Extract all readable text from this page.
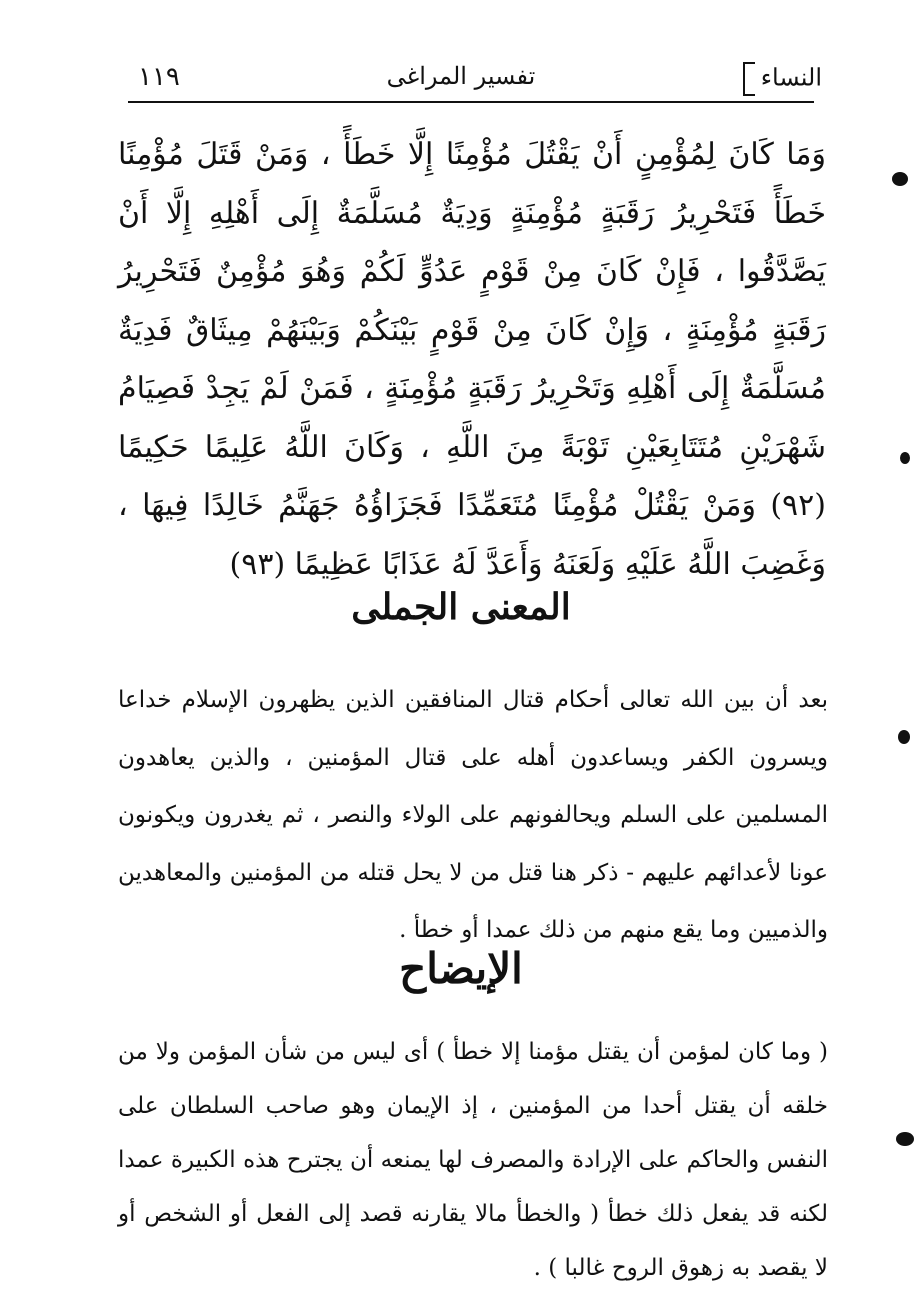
النساء
تفسير المراغى
١١٩
وَمَا كَانَ لِمُؤْمِنٍ أَنْ يَقْتُلَ مُؤْمِنًا إِلَّا خَطَأً ، وَمَنْ قَتَلَ مُؤْمِنًا خَطَأً فَتَحْرِيرُ رَقَبَةٍ مُؤْمِنَةٍ وَدِيَةٌ مُسَلَّمَةٌ إِلَى أَهْلِهِ إِلَّا أَنْ يَصَّدَّقُوا ، فَإِنْ كَانَ مِنْ قَوْمٍ عَدُوٍّ لَكُمْ وَهُوَ مُؤْمِنٌ فَتَحْرِيرُ رَقَبَةٍ مُؤْمِنَةٍ ، وَإِنْ كَانَ مِنْ قَوْمٍ بَيْنَكُمْ وَبَيْنَهُمْ مِيثَاقٌ فَدِيَةٌ مُسَلَّمَةٌ إِلَى أَهْلِهِ وَتَحْرِيرُ رَقَبَةٍ مُؤْمِنَةٍ ، فَمَنْ لَمْ يَجِدْ فَصِيَامُ شَهْرَيْنِ مُتَتَابِعَيْنِ تَوْبَةً مِنَ اللَّهِ ، وَكَانَ اللَّهُ عَلِيمًا حَكِيمًا (٩٢) وَمَنْ يَقْتُلْ مُؤْمِنًا مُتَعَمِّدًا فَجَزَاؤُهُ جَهَنَّمُ خَالِدًا فِيهَا ، وَغَضِبَ اللَّهُ عَلَيْهِ وَلَعَنَهُ وَأَعَدَّ لَهُ عَذَابًا عَظِيمًا (٩٣)
المعنى الجملى
بعد أن بين الله تعالى أحكام قتال المنافقين الذين يظهرون الإسلام خداعا ويسرون الكفر ويساعدون أهله على قتال المؤمنين ، والذين يعاهدون المسلمين على السلم ويحالفونهم على الولاء والنصر ، ثم يغدرون ويكونون عونا لأعدائهم عليهم - ذكر هنا قتل من لا يحل قتله من المؤمنين والمعاهدين والذميين وما يقع منهم من ذلك عمدا أو خطأ .
الإيضاح
( وما كان لمؤمن أن يقتل مؤمنا إلا خطأ ) أى ليس من شأن المؤمن ولا من خلقه أن يقتل أحدا من المؤمنين ، إذ الإيمان وهو صاحب السلطان على النفس والحاكم على الإرادة والمصرف لها يمنعه أن يجترح هذه الكبيرة عمدا لكنه قد يفعل ذلك خطأ ( والخطأ مالا يقارنه قصد إلى الفعل أو الشخص أو لا يقصد به زهوق الروح غالبا ) .
